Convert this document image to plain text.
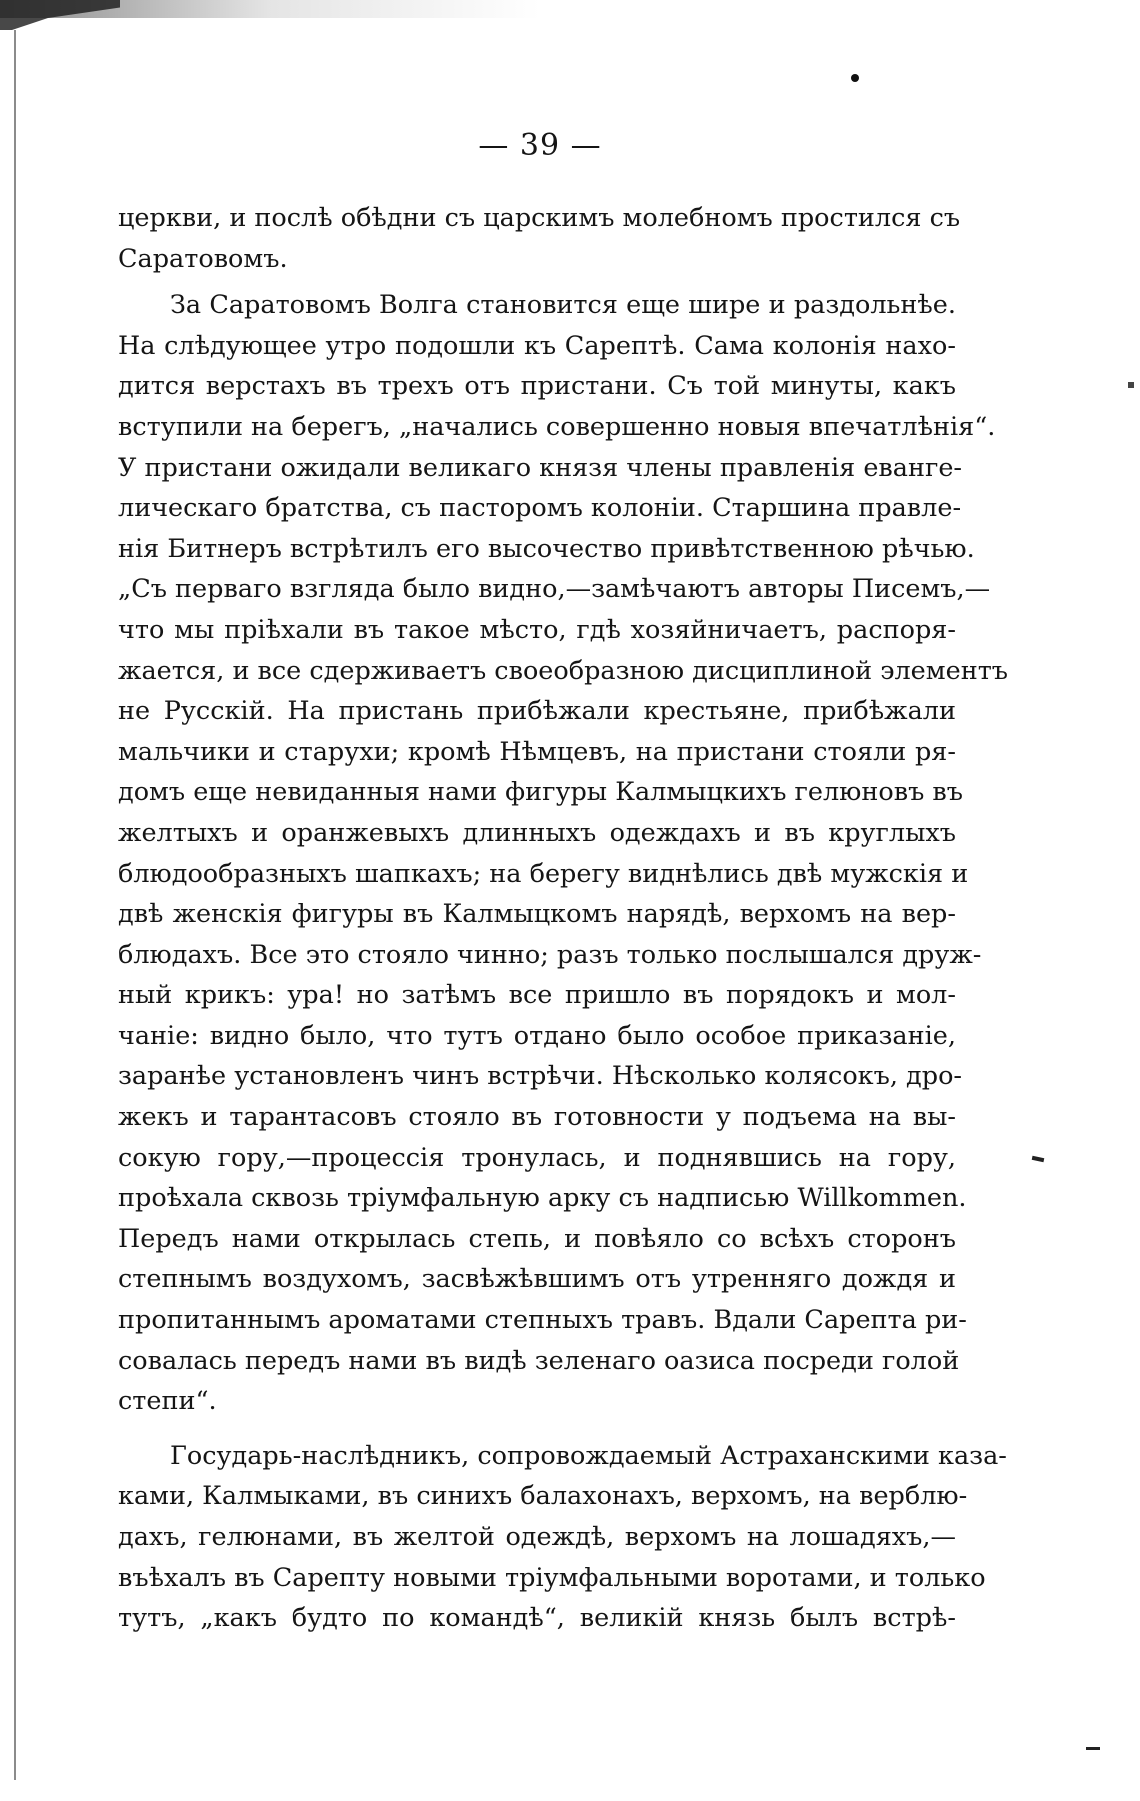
— 39 —
церкви, и послѣ обѣдни съ царскимъ молебномъ простился съ
Саратовомъ.
За Саратовомъ Волга становится еще шире и раздольнѣе.
На слѣдующее утро подошли къ Сарептѣ. Сама колонія нахо-
дится верстахъ въ трехъ отъ пристани. Съ той минуты, какъ
вступили на берегъ, „начались совершенно новыя впечатлѣнія“.
У пристани ожидали великаго князя члены правленія еванге-
лическаго братства, съ пасторомъ колоніи. Старшина правле-
нія Битнеръ встрѣтилъ его высочество привѣтственною рѣчью.
„Съ перваго взгляда было видно,—замѣчаютъ авторы Писемъ,—
что мы пріѣхали въ такое мѣсто, гдѣ хозяйничаетъ, распоря-
жается, и все сдерживаетъ своеобразною дисциплиной элементъ
не Русскій. На пристань прибѣжали крестьяне, прибѣжали
мальчики и старухи; кромѣ Нѣмцевъ, на пристани стояли ря-
домъ еще невиданныя нами фигуры Калмыцкихъ гелюновъ въ
желтыхъ и оранжевыхъ длинныхъ одеждахъ и въ круглыхъ
блюдообразныхъ шапкахъ; на берегу виднѣлись двѣ мужскія и
двѣ женскія фигуры въ Калмыцкомъ нарядѣ, верхомъ на вер-
блюдахъ. Все это стояло чинно; разъ только послышался друж-
ный крикъ: ура! но затѣмъ все пришло въ порядокъ и мол-
чаніе: видно было, что тутъ отдано было особое приказаніе,
заранѣе установленъ чинъ встрѣчи. Нѣсколько колясокъ, дро-
жекъ и тарантасовъ стояло въ готовности у подъема на вы-
сокую гору,—процессія тронулась, и поднявшись на гору,
проѣхала сквозь тріумфальную арку съ надписью Willkommen.
Передъ нами открылась степь, и повѣяло со всѣхъ сторонъ
степнымъ воздухомъ, засвѣжѣвшимъ отъ утренняго дождя и
пропитаннымъ ароматами степныхъ травъ. Вдали Сарепта ри-
совалась передъ нами въ видѣ зеленаго оазиса посреди голой
степи“.
Государь-наслѣдникъ, сопровождаемый Астраханскими каза-
ками, Калмыками, въ синихъ балахонахъ, верхомъ, на верблю-
дахъ, гелюнами, въ желтой одеждѣ, верхомъ на лошадяхъ,—
въѣхалъ въ Сарепту новыми тріумфальными воротами, и только
тутъ, „какъ будто по командѣ“, великій князь былъ встрѣ-
